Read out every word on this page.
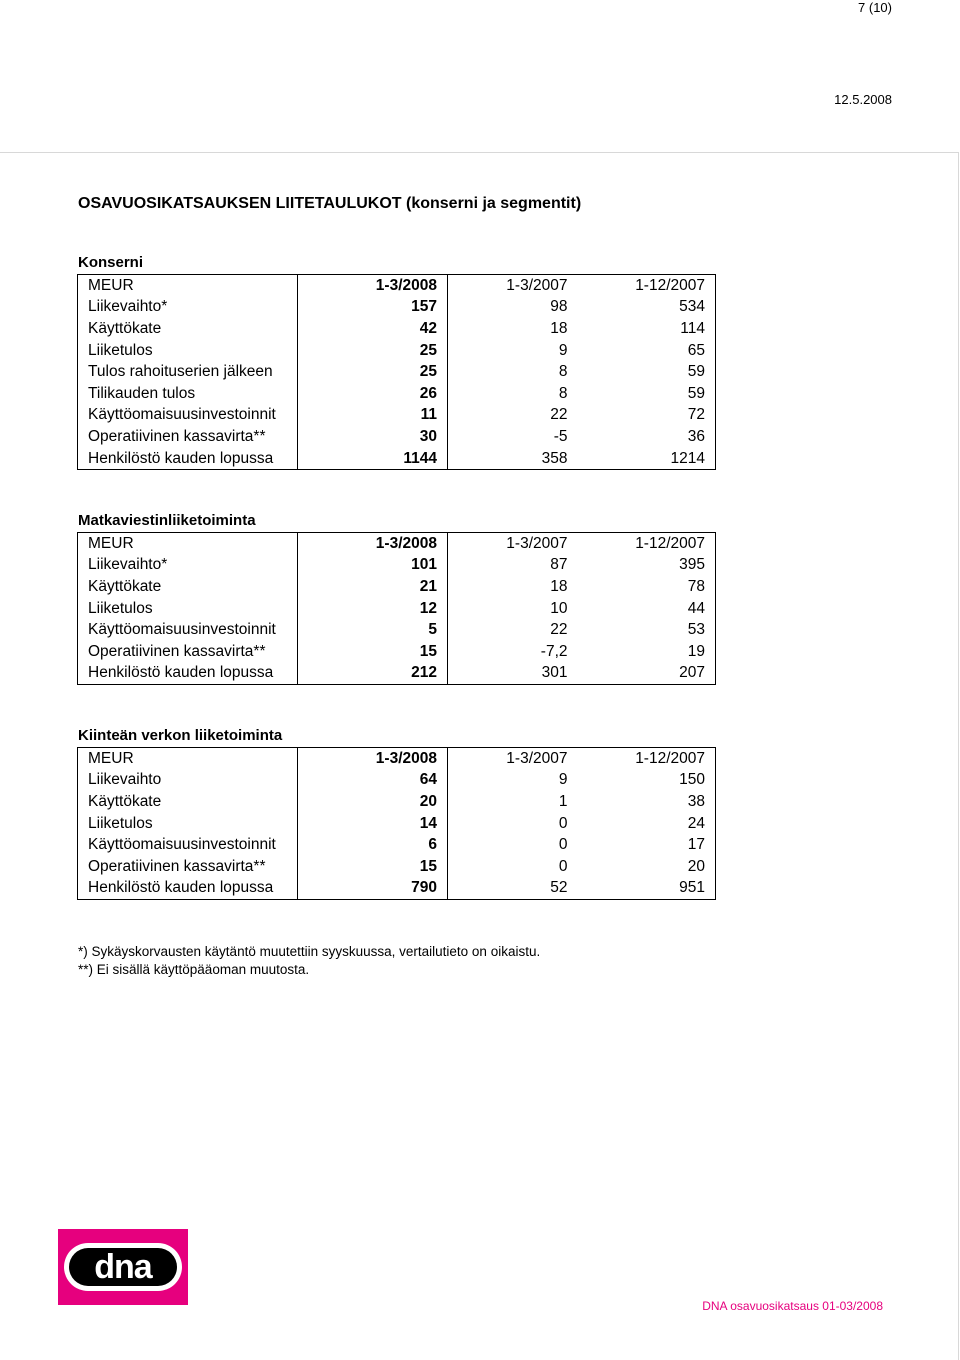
7 (10)
12.5.2008
OSAVUOSIKATSAUKSEN LIITETAULUKOT (konserni ja segmentit)
Konserni
MEUR	1-3/2008	1-3/2007	1-12/2007
Liikevaihto*	157	98	534
Käyttökate	42	18	114
Liiketulos	25	9	65
Tulos rahoituserien jälkeen	25	8	59
Tilikauden tulos	26	8	59
Käyttöomaisuusinvestoinnit	11	22	72
Operatiivinen kassavirta**	30	-5	36
Henkilöstö kauden lopussa	1144	358	1214
Matkaviestinliiketoiminta
MEUR	1-3/2008	1-3/2007	1-12/2007
Liikevaihto*	101	87	395
Käyttökate	21	18	78
Liiketulos	12	10	44
Käyttöomaisuusinvestoinnit	5	22	53
Operatiivinen kassavirta**	15	-7,2	19
Henkilöstö kauden lopussa	212	301	207
Kiinteän verkon liiketoiminta
MEUR	1-3/2008	1-3/2007	1-12/2007
Liikevaihto	64	9	150
Käyttökate	20	1	38
Liiketulos	14	0	24
Käyttöomaisuusinvestoinnit	6	0	17
Operatiivinen kassavirta**	15	0	20
Henkilöstö kauden lopussa	790	52	951

*) Sykäyskorvausten käytäntö muutettiin syyskuussa, vertailutieto on oikaistu.

**) Ei sisällä käyttöpääoman muutosta.

dna
DNA osavuosikatsaus 01-03/2008
